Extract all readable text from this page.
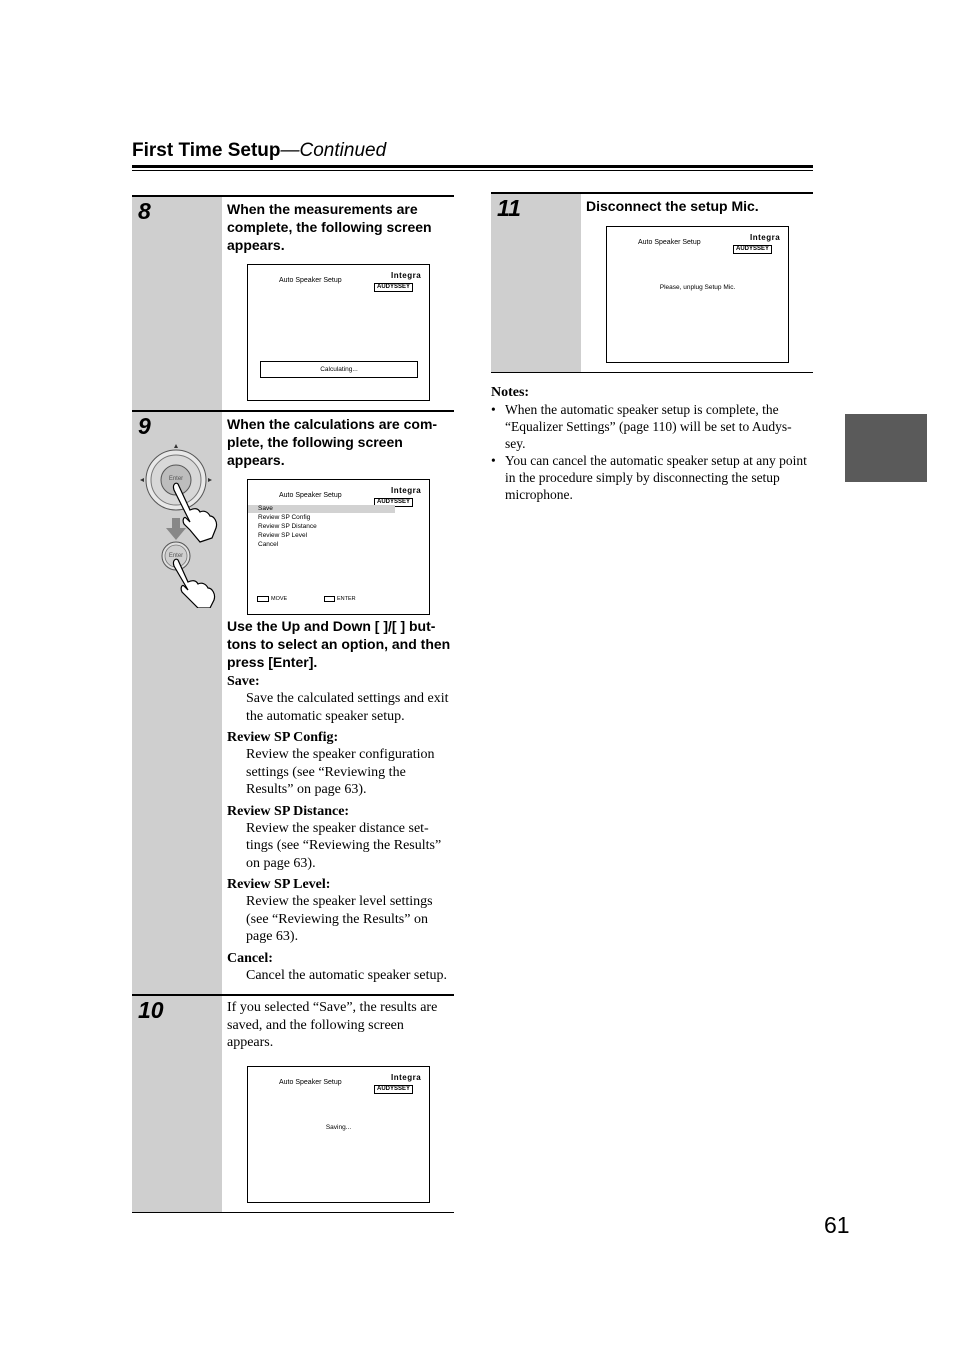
First Time Setup—Continued
8	When the measurements are complete, the following screen appears.
Auto Speaker Setup
Integra
AUDYSSEY
Calculating...
9
Enter
Enter
When the calculations are com- plete, the following screen appears.
Auto Speaker Setup
Integra
AUDYSSEY
Save
Review SP Config
Review SP Distance
Review SP Level
Cancel
MOVE	ENTER
Use the Up and Down [ ]/[ ] but- tons to select an option, and then press [Enter].
Save:
Save the calculated settings and exit the automatic speaker setup.
Review SP Config:
Review the speaker configuration settings (see “Reviewing the Results” on page 63).
Review SP Distance:
Review the speaker distance set- tings (see “Reviewing the Results” on page 63).
Review SP Level:
Review the speaker level settings (see “Reviewing the Results” on page 63).
Cancel:
Cancel the automatic speaker setup.
10	If you selected “Save”, the results are saved, and the following screen appears.
Auto Speaker Setup
Integra
AUDYSSEY
Saving...
11	Disconnect the setup Mic.
Auto Speaker Setup
Integra
AUDYSSEY
Please, unplug Setup Mic.
Notes:
• When the automatic speaker setup is complete, the “Equalizer Settings” (page 110) will be set to Audys- sey.
• You can cancel the automatic speaker setup at any point in the procedure simply by disconnecting the setup microphone.
61
